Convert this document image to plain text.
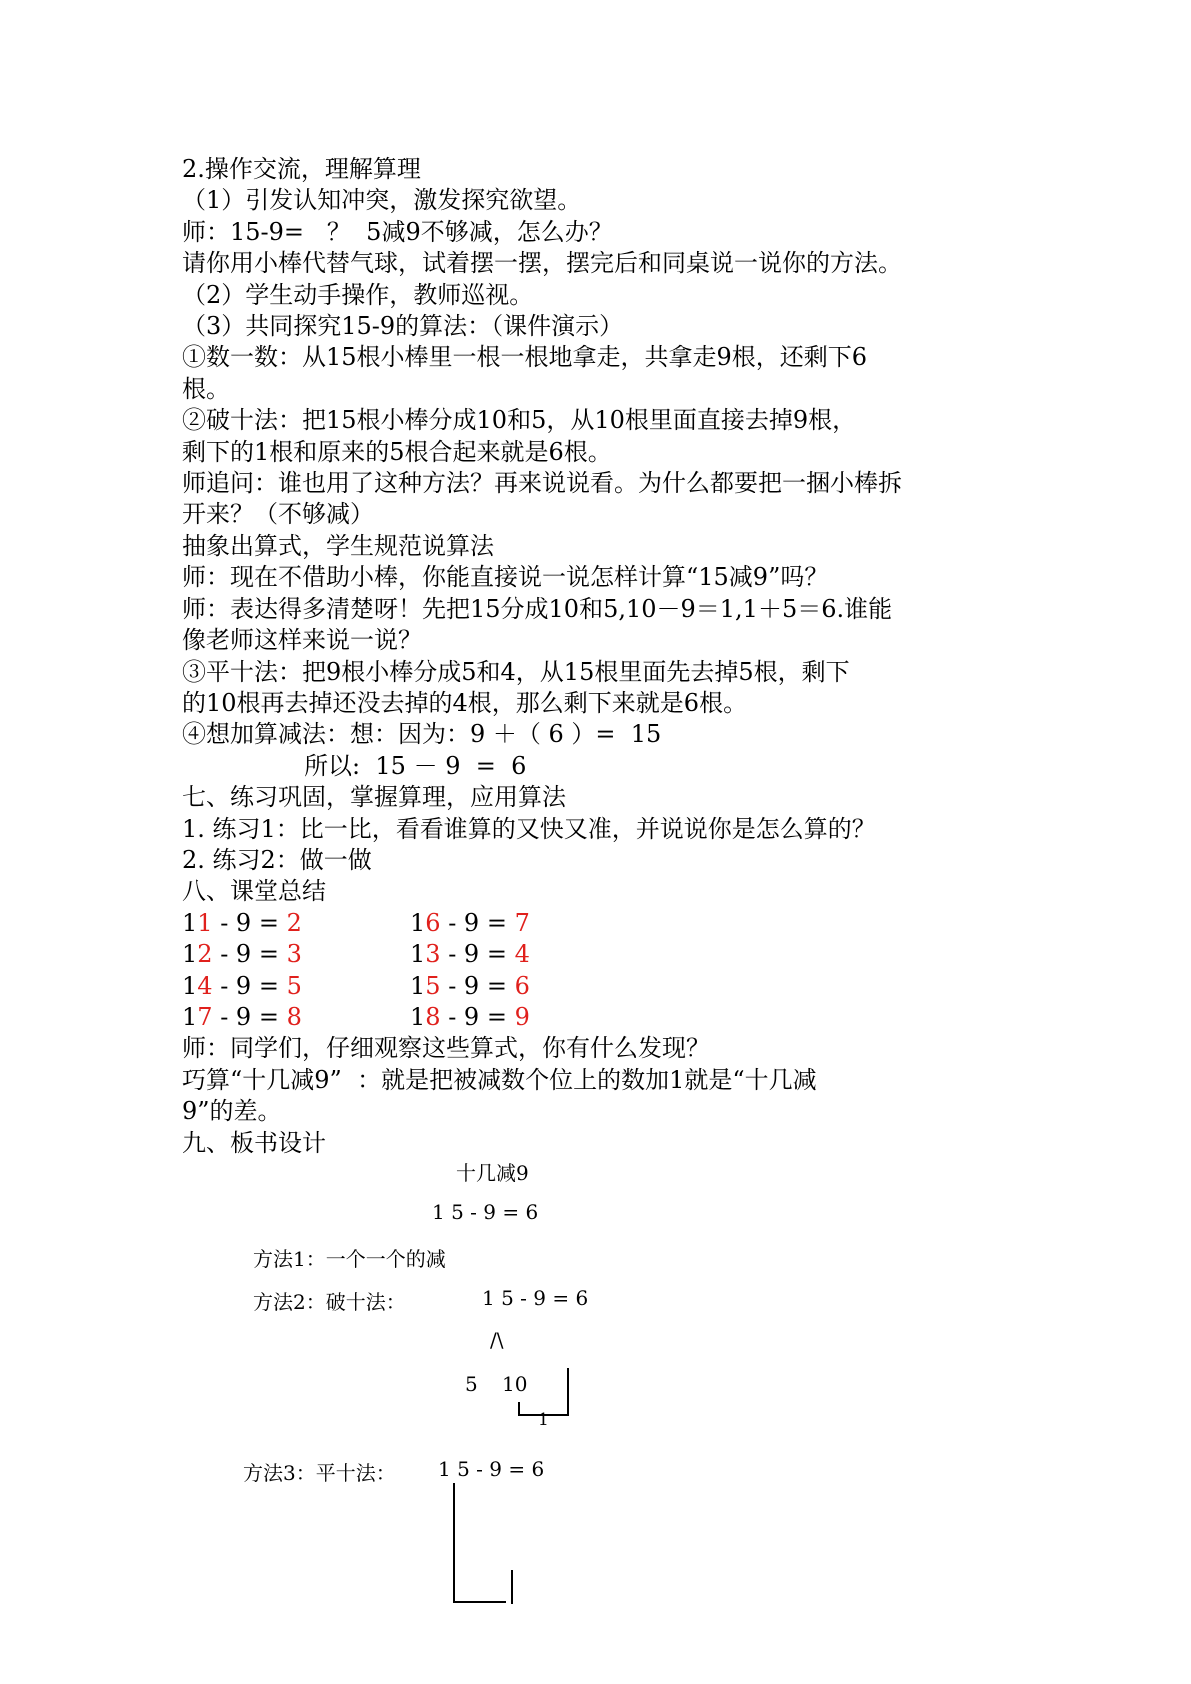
2.操作交流，理解算理

（1）引发认知冲突，激发探究欲望。

师：15-9=   ？  5减9不够减，怎么办？

请你用小棒代替气球，试着摆一摆，摆完后和同桌说一说你的方法。

（2）学生动手操作，教师巡视。

（3）共同探究15-9的算法：（课件演示）

①数一数：从15根小棒里一根一根地拿走，共拿走9根，还剩下6

根。

②破十法：把15根小棒分成10和5，从10根里面直接去掉9根，

剩下的1根和原来的5根合起来就是6根。

师追问：谁也用了这种方法？再来说说看。为什么都要把一捆小棒拆

开来？（不够减）

抽象出算式，学生规范说算法

师：现在不借助小棒，你能直接说一说怎样计算“15减9”吗？

师：表达得多清楚呀！先把15分成10和5,10－9＝1,1＋5＝6.谁能

像老师这样来说一说？

③平十法：把9根小棒分成5和4，从15根里面先去掉5根，剩下

的10根再去掉还没去掉的4根，那么剩下来就是6根。

④想加算减法：想：因为：9 ＋（ 6 ）=  15

所以:  15 － 9  =  6

七、练习巩固，掌握算理，应用算法

1. 练习1：比一比，看看谁算的又快又准，并说说你是怎么算的？

2. 练习2：做一做

八、课堂总结

11 - 9 = 2	16 - 9 = 7
12 - 9 = 3	13 - 9 = 4
14 - 9 = 5	15 - 9 = 6
17 - 9 = 8	18 - 9 = 9

师：同学们，仔细观察这些算式，你有什么发现？

巧算“十几减9”  ：就是把被减数个位上的数加1就是“十几减

9”的差。

九、板书设计

十几减9
1 5 - 9 = 6
方法1：一个一个的减
方法2：破十法：	1 5 - 9 = 6
/\
5 10
1
方法3：平十法： 1 5 - 9 = 6
